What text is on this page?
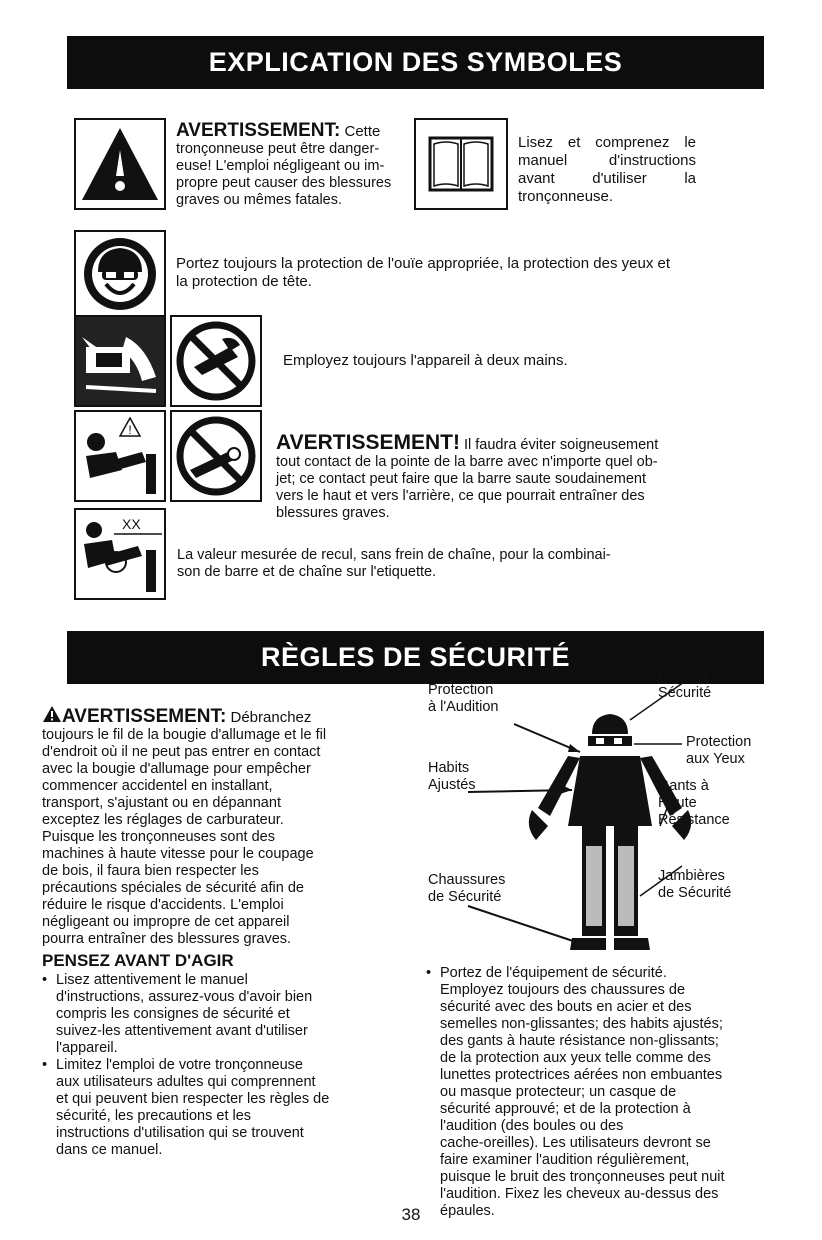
EXPLICATION DES SYMBOLES
AVERTISSEMENT: Cette
tronçonneuse peut être danger-
euse! L'emploi négligeant ou im-
propre peut causer des blessures
graves ou mêmes fatales.
Lisez et comprenez le
manuel d'instructions
avant d'utiliser la
tronçonneuse.
Portez toujours la protection de l'ouïe appropriée, la protection des yeux et
la protection de tête.
Employez toujours l'appareil à deux mains.
!
AVERTISSEMENT! Il faudra éviter soigneusement
tout contact de la pointe de la barre avec n'importe quel ob-
jet; ce contact peut faire que la barre saute soudainement
vers le haut et vers l'arrière, ce que pourrait entraîner des
blessures graves.
XX
La valeur mesurée de recul, sans frein de chaîne, pour la combinai-
son de barre et de chaîne sur l'etiquette.
RÈGLES DE SÉCURITÉ
AVERTISSEMENT: Débranchez
toujours le fil de la bougie d'allumage et le fil
d'endroit où il ne peut pas entrer en contact
avec la bougie d'allumage pour empêcher
commencer accidentel en installant,
transport, s'ajustant ou en dépannant
exceptez les réglages de carburateur.
Puisque les tronçonneuses sont des
machines à haute vitesse pour le coupage
de bois, il faura bien respecter les
précautions spéciales de sécurité afin de
réduire le risque d'accidents. L'emploi
négligeant ou impropre de cet appareil
pourra entraîner des blessures graves.
PENSEZ AVANT D'AGIR
• Lisez attentivement le manuel
d'instructions, assurez-vous d'avoir bien
compris les consignes de sécurité et
suivez-les attentivement avant d'utiliser
l'appareil.
• Limitez l'emploi de votre tronçonneuse
aux utilisateurs adultes qui comprennent
et qui peuvent bien respecter les règles de
sécurité, les precautions et les
instructions d'utilisation qui se trouvent
dans ce manuel.
Protection
à l'Audition
Casque de
Sécurité
Protection
aux Yeux
Habits
Ajustés	Gants à Haute
Résistance
Chaussures
de Sécurité
Jambières
de Sécurité
• Portez de l'équipement de sécurité.
Employez toujours des chaussures de
sécurité avec des bouts en acier et des
semelles non-glissantes; des habits ajustés;
des gants à haute résistance non-glissants;
de la protection aux yeux telle comme des
lunettes protectrices aérées non embuantes
ou masque protecteur; un casque de
sécurité approuvé; et de la protection à
l'audition (des boules ou des
cache-oreilles). Les utilisateurs devront se
faire examiner l'audition régulièrement,
puisque le bruit des tronçonneuses peut nuit
l'audition. Fixez les cheveux au-dessus des
épaules.
38
